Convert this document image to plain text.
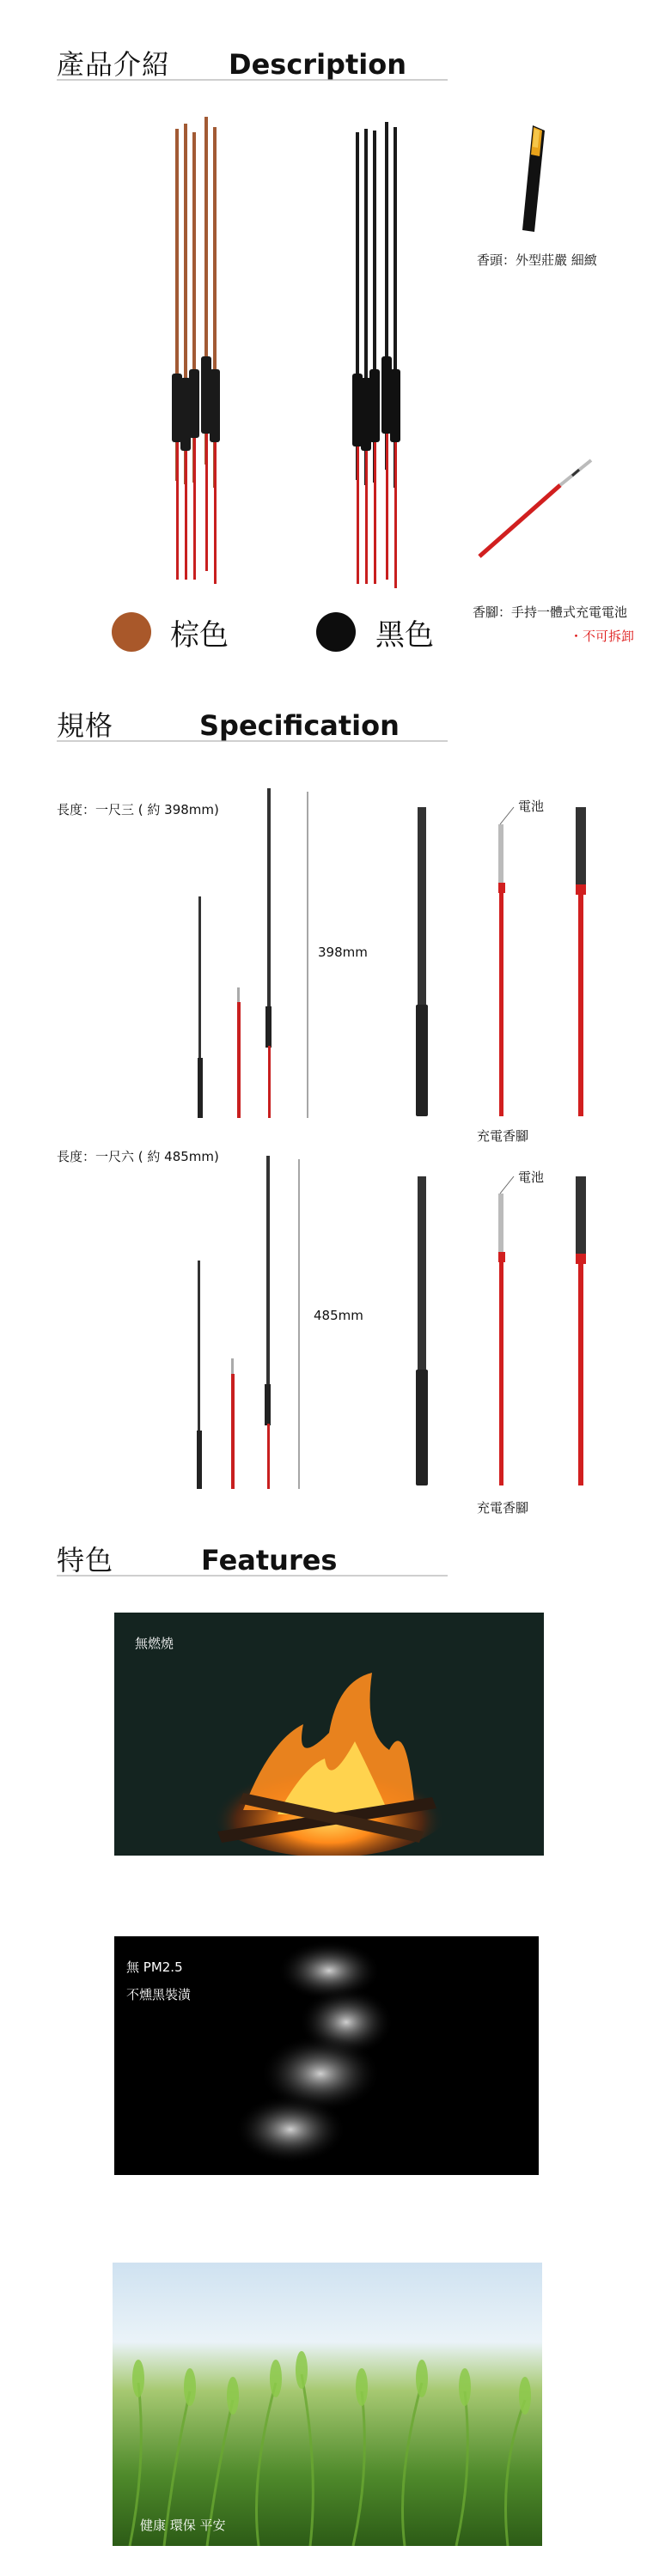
產品介紹 Description
香頭：外型莊嚴 細緻
香腳：手持一體式充電電池
・不可拆卸
棕色	黑色
規格	Specification
長度：一尺三 ( 約 398mm)
398mm
電池
充電香腳
長度：一尺六 ( 約 485mm)
485mm
電池
充電香腳
特色	Features
無燃燒
無 PM2.5
不燻黑裝潢
健康 環保 平安
